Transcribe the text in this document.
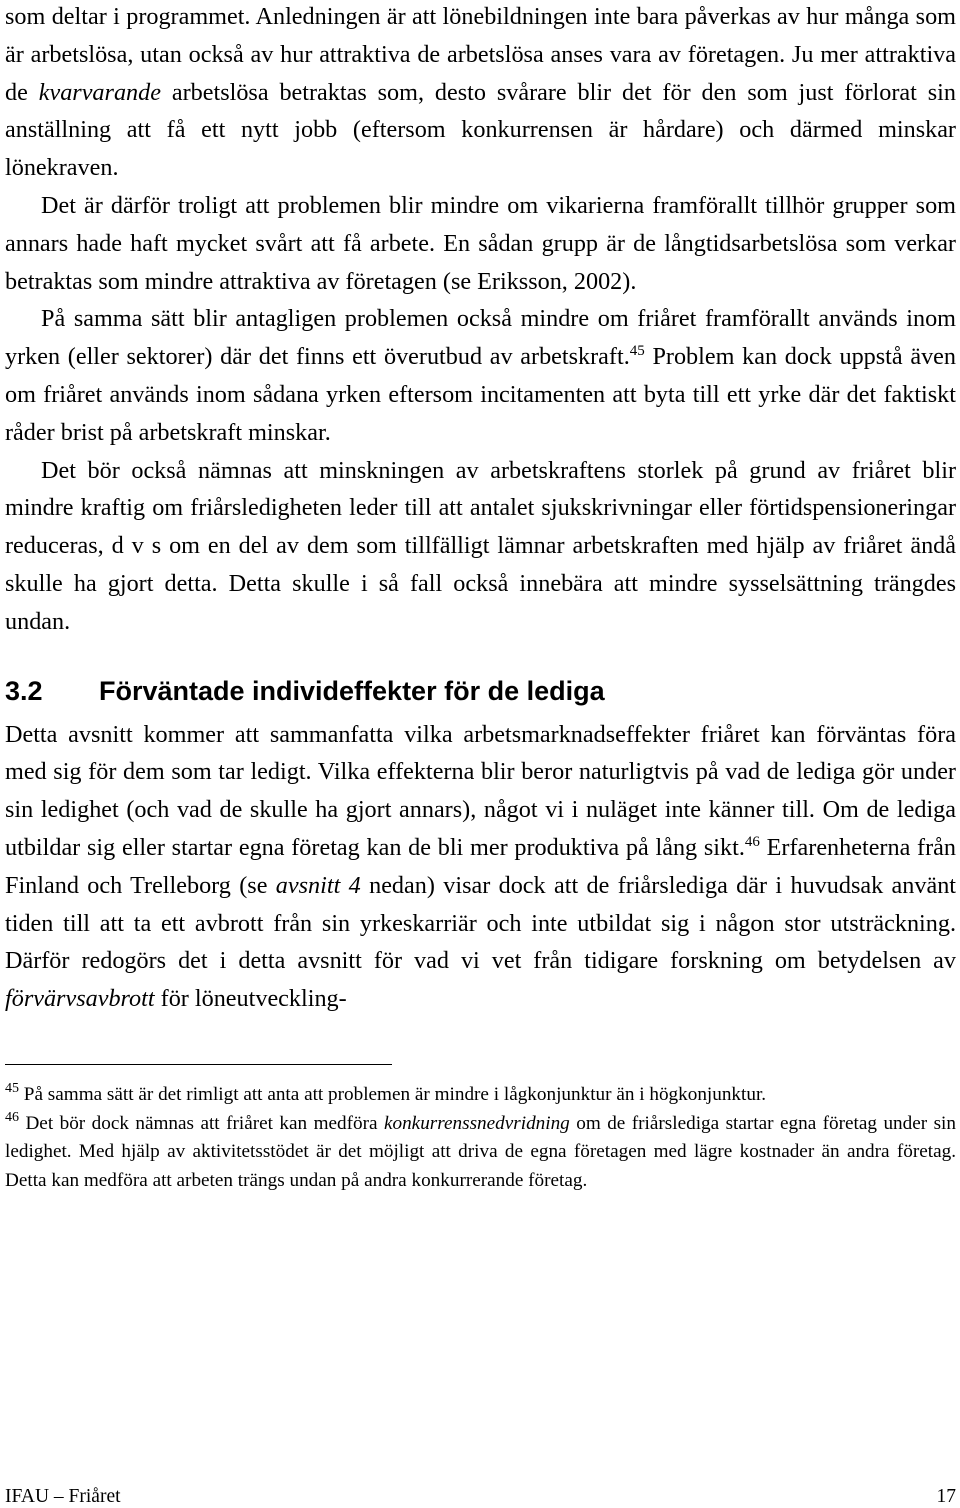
som deltar i programmet. Anledningen är att lönebildningen inte bara påverkas av hur många som är arbetslösa, utan också av hur attraktiva de arbetslösa anses vara av företagen. Ju mer attraktiva de kvarvarande arbetslösa betraktas som, desto svårare blir det för den som just förlorat sin anställning att få ett nytt jobb (eftersom konkurrensen är hårdare) och därmed minskar lönekraven.

Det är därför troligt att problemen blir mindre om vikarierna framförallt tillhör grupper som annars hade haft mycket svårt att få arbete. En sådan grupp är de långtidsarbetslösa som verkar betraktas som mindre attraktiva av företagen (se Eriksson, 2002).

På samma sätt blir antagligen problemen också mindre om friåret framförallt används inom yrken (eller sektorer) där det finns ett överutbud av arbetskraft.$^{45}$ Problem kan dock uppstå även om friåret används inom sådana yrken eftersom incitamenten att byta till ett yrke där det faktiskt råder brist på arbetskraft minskar.

Det bör också nämnas att minskningen av arbetskraftens storlek på grund av friåret blir mindre kraftig om friårsledigheten leder till att antalet sjukskrivningar eller förtidspensioneringar reduceras, d v s om en del av dem som tillfälligt lämnar arbetskraften med hjälp av friåret ändå skulle ha gjort detta. Detta skulle i så fall också innebära att mindre sysselsättning trängdes undan.

3.2	Förväntade individeffekter för de lediga

Detta avsnitt kommer att sammanfatta vilka arbetsmarknadseffekter friåret kan förväntas föra med sig för dem som tar ledigt. Vilka effekterna blir beror naturligtvis på vad de lediga gör under sin ledighet (och vad de skulle ha gjort annars), något vi i nuläget inte känner till. Om de lediga utbildar sig eller startar egna företag kan de bli mer produktiva på lång sikt.$^{46}$ Erfarenheterna från Finland och Trelleborg (se avsnitt 4 nedan) visar dock att de friårslediga där i huvudsak använt tiden till att ta ett avbrott från sin yrkeskarriär och inte utbildat sig i någon stor utsträckning. Därför redogörs det i detta avsnitt för vad vi vet från tidigare forskning om betydelsen av förvärvsavbrott för löneutveckling-

$^{45}$ På samma sätt är det rimligt att anta att problemen är mindre i lågkonjunktur än i högkonjunktur.

$^{46}$ Det bör dock nämnas att friåret kan medföra konkurrenssnedvridning om de friårslediga startar egna företag under sin ledighet. Med hjälp av aktivitetsstödet är det möjligt att driva de egna företagen med lägre kostnader än andra företag. Detta kan medföra att arbeten trängs undan på andra konkurrerande företag.

IFAU – Friåret	17
